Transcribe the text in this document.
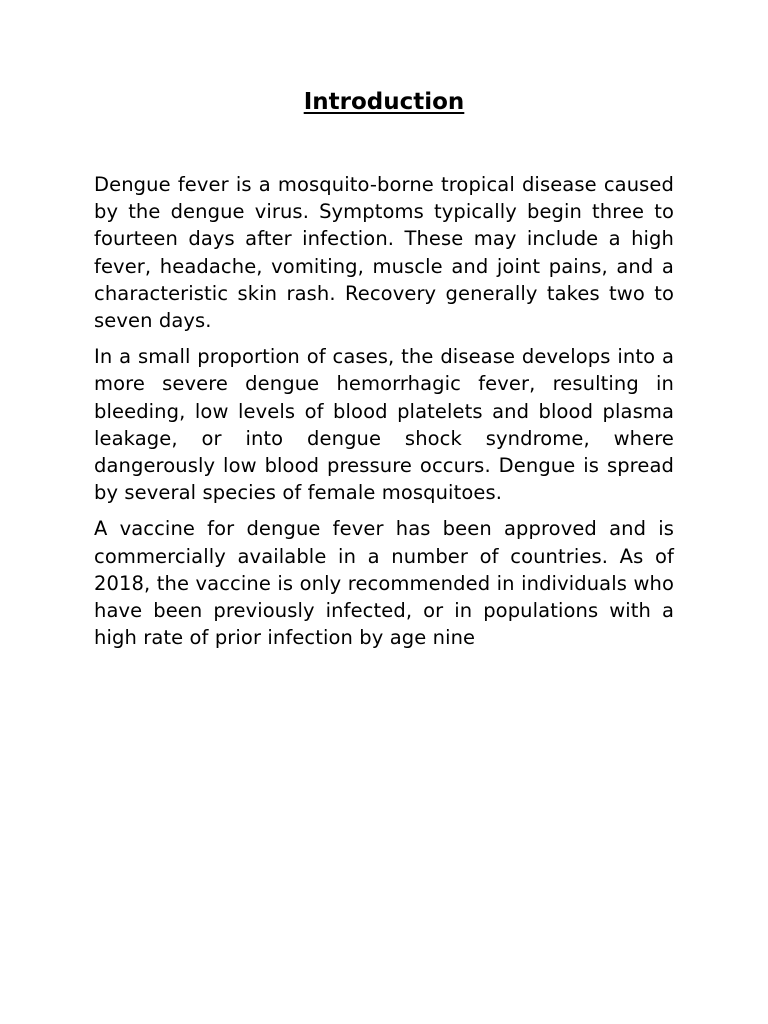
Introduction

Dengue fever is a mosquito-borne tropical disease caused by the dengue virus. Symptoms typically begin three to fourteen days after infection. These may include a high fever, headache, vomiting, muscle and joint pains, and a characteristic skin rash. Recovery generally takes two to seven days.

In a small proportion of cases, the disease develops into a more severe dengue hemorrhagic fever, resulting in bleeding, low levels of blood platelets and blood plasma leakage, or into dengue shock syndrome, where dangerously low blood pressure occurs. Dengue is spread by several species of female mosquitoes.

A vaccine for dengue fever has been approved and is commercially available in a number of countries. As of 2018, the vaccine is only recommended in individuals who have been previously infected, or in populations with a high rate of prior infection by age nine
